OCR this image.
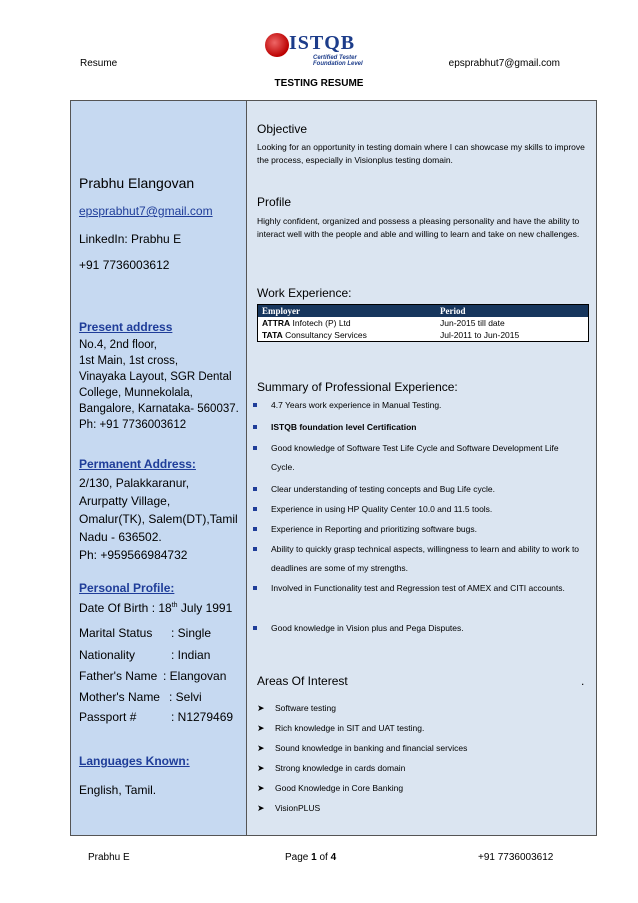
Resume
ISTQB
Certified Tester
Foundation Level	epsprabhut7@gmail.com
TESTING RESUME
Prabhu Elangovan
epsprabhut7@gmail.com
LinkedIn: Prabhu E
+91 7736003612
Present address
No.4, 2nd floor,
1st Main, 1st cross,
Vinayaka Layout, SGR Dental
College, Munnekolala,
Bangalore, Karnataka- 560037.
Ph: +91 7736003612
Permanent Address:
2/130, Palakkaranur,
Arurpatty Village,
Omalur(TK), Salem(DT),Tamil
Nadu - 636502.
Ph: +959566984732
Personal Profile:
Date Of Birth : 18th July 1991
Marital Status : Single
Nationality	: Indian
Father's Name : Elangovan
Mother's Name : Selvi
Passport #	: N1279469
Languages Known:
English, Tamil.
Objective
Looking for an opportunity in testing domain where I can showcase my skills to improve the process, especially in Visionplus testing domain.
Profile
Highly confident, organized and possess a pleasing personality and have the ability to interact well with the people and able and willing to learn and take on new challenges.
Work Experience:
Employer	Period
ATTRA Infotech (P) Ltd	Jun-2015 till date
TATA Consultancy Services	Jul-2011 to Jun-2015
Summary of Professional Experience:
4.7 Years work experience in Manual Testing.
ISTQB foundation level Certification
Good knowledge of Software Test Life Cycle and Software Development Life Cycle.
Clear understanding of testing concepts and Bug Life cycle.
Experience in using HP Quality Center 10.0 and 11.5 tools.
Experience in Reporting and prioritizing software bugs.
Ability to quickly grasp technical aspects, willingness to learn and ability to work to deadlines are some of my strengths.
Involved in Functionality test and Regression test of AMEX and CITI accounts.
Good knowledge in Vision plus and Pega Disputes.
Areas Of Interest	.
➤ Software testing
➤ Rich knowledge in SIT and UAT testing.
➤ Sound knowledge in banking and financial services
➤ Strong knowledge in cards domain
➤ Good Knowledge in Core Banking
➤ VisionPLUS
Prabhu E	Page 1 of 4	+91 7736003612
